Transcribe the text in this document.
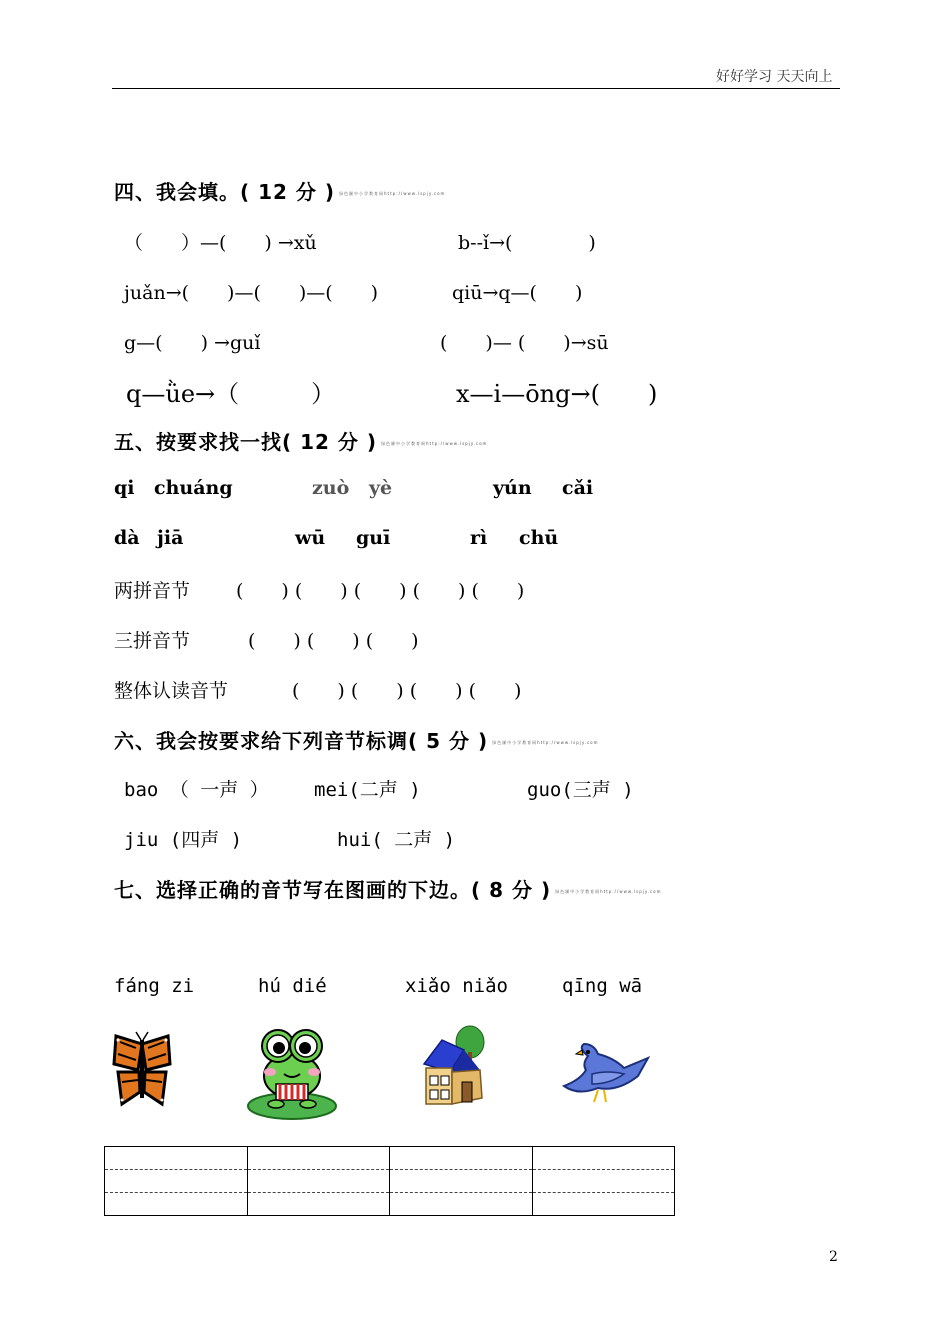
好好学习 天天向上
四、我会填。( 12 分 ) 绿色圃中小学教育网http://www.lspjy.com
（　　）—(　　) →xǔ	b--ǐ→(　　　　)
juǎn→(　　)—(　　)—(　　)	qiū→q—(　　)
g—(　　) →guǐ	(　　)— (　　)→sū
q—ǜe→（　　　）	x—i—ōng→(　　)
五、按要求找一找( 12 分 ) 绿色圃中小学教育网http://www.lspjy.com
qi chuáng	zuò yè	yún cǎi
dà jiā	wū guī	rì chū
两拼音节 (　　) (　　) (　　) (　　) (　　)
三拼音节	(　　) (　　) (　　)
整体认读音节	(　　) (　　) (　　) (　　)
六、我会按要求给下列音节标调( 5 分 ) 绿色圃中小学教育网http://www.lspjy.com
bao （ 一声 ） mei(二声 )	guo(三声 )
jiu (四声 )	hui( 二声 )
七、选择正确的音节写在图画的下边。( 8 分 ) 绿色圃中小学教育网http://www.lspjy.com
fáng zi	hú dié	xiǎo niǎo	qīng wā

2
